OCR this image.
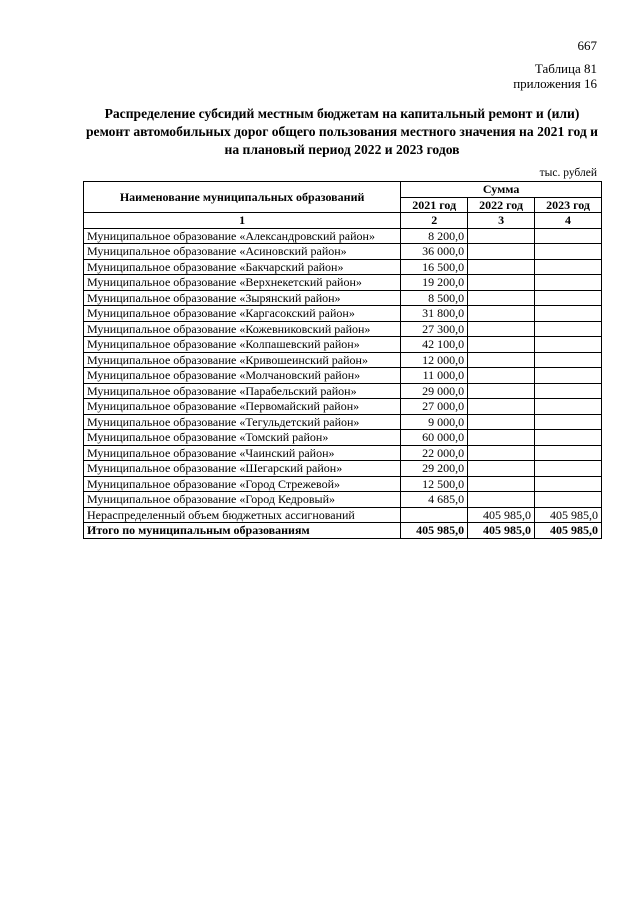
667
Таблица 81
приложения 16
Распределение субсидий местным бюджетам на капитальный ремонт и (или) ремонт автомобильных дорог общего пользования местного значения на 2021 год и на плановый период 2022 и 2023 годов
тыс. рублей
Наименование муниципальных образований	Сумма		
	2021 год	2022 год	2023 год
1	2	3	4
Муниципальное образование «Александровский район»	8 200,0		
Муниципальное образование «Асиновский район»	36 000,0		
Муниципальное образование «Бакчарский район»	16 500,0		
Муниципальное образование «Верхнекетский район»	19 200,0		
Муниципальное образование «Зырянский район»	8 500,0		
Муниципальное образование «Каргасокский район»	31 800,0		
Муниципальное образование «Кожевниковский район»	27 300,0		
Муниципальное образование «Колпашевский район»	42 100,0		
Муниципальное образование «Кривошеинский район»	12 000,0		
Муниципальное образование «Молчановский район»	11 000,0		
Муниципальное образование «Парабельский район»	29 000,0		
Муниципальное образование «Первомайский район»	27 000,0		
Муниципальное образование «Тегульдетский район»	9 000,0		
Муниципальное образование «Томский район»	60 000,0		
Муниципальное образование «Чаинский район»	22 000,0		
Муниципальное образование «Шегарский район»	29 200,0		
Муниципальное образование «Город Стрежевой»	12 500,0		
Муниципальное образование «Город Кедровый»	4 685,0		
Нераспределенный объем бюджетных ассигнований		405 985,0	405 985,0
Итого по муниципальным образованиям	405 985,0	405 985,0	405 985,0
